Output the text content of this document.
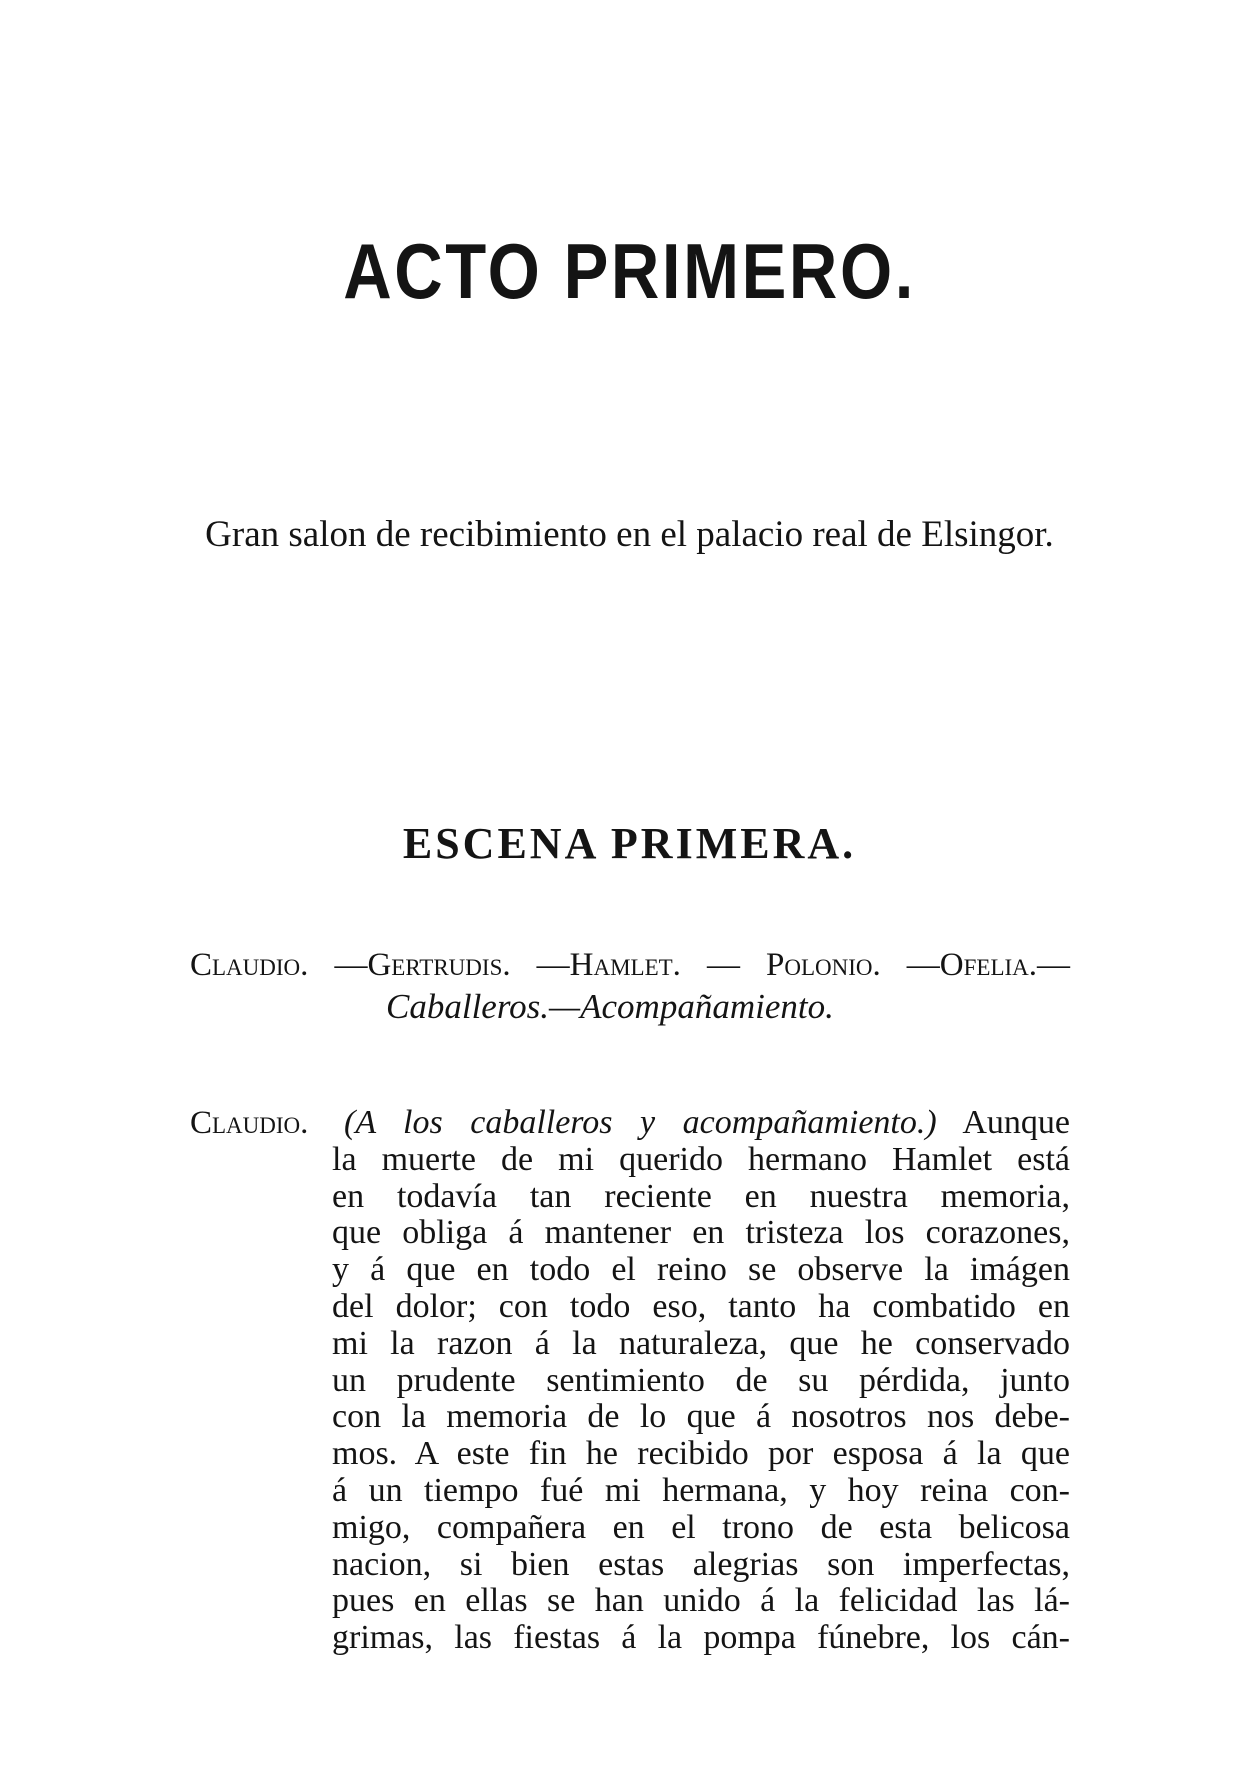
ACTO PRIMERO.
Gran salon de recibimiento en el palacio real de Elsingor.
ESCENA PRIMERA.
Claudio. —Gertrudis. —Hamlet. — Polonio. —Ofelia.—
Caballeros.—Acompañamiento.
Claudio.	(A los caballeros y acompañamiento.) Aunque
la muerte de mi querido hermano Hamlet está
en todavía tan reciente en nuestra memoria,
que obliga á mantener en tristeza los corazones,
y á que en todo el reino se observe la imágen
del dolor; con todo eso, tanto ha combatido en
mi la razon á la naturaleza, que he conservado
un prudente sentimiento de su pérdida, junto
con la memoria de lo que á nosotros nos debe-
mos. A este fin he recibido por esposa á la que
á un tiempo fué mi hermana, y hoy reina con-
migo, compañera en el trono de esta belicosa
nacion, si bien estas alegrias son imperfectas,
pues en ellas se han unido á la felicidad las lá-
grimas, las fiestas á la pompa fúnebre, los cán-
